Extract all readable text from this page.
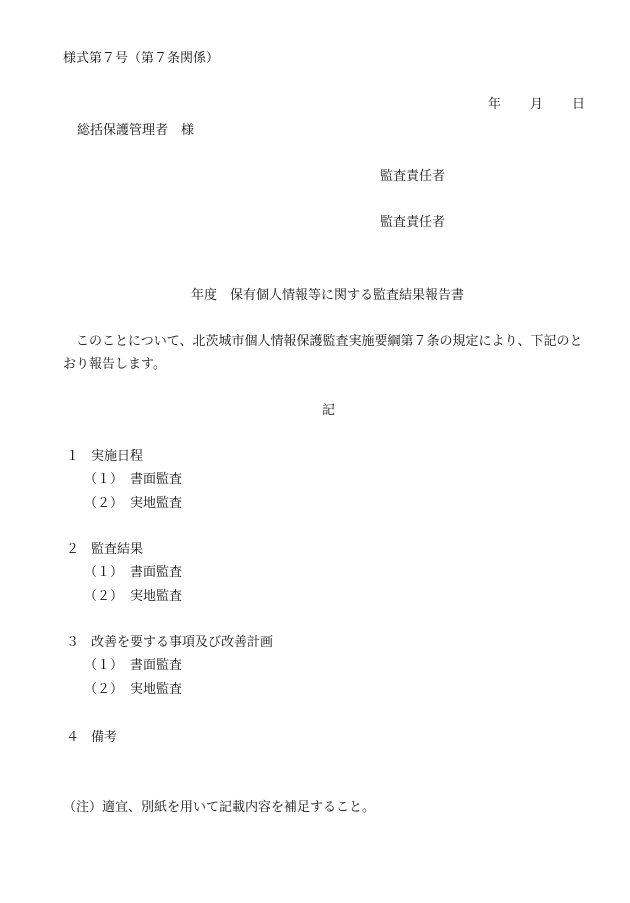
様式第７号（第７条関係）
年 月 日
総括保護管理者　様
監査責任者
監査責任者
年度　保有個人情報等に関する監査結果報告書
このことについて、北茨城市個人情報保護監査実施要綱第７条の規定により、下記のとおり報告します。
記
１ 実施日程
（１） 書面監査
（２） 実地監査
２ 監査結果
（１） 書面監査
（２） 実地監査
３ 改善を要する事項及び改善計画
（１） 書面監査
（２） 実地監査
４ 備考
（注）適宜、別紙を用いて記載内容を補足すること。
